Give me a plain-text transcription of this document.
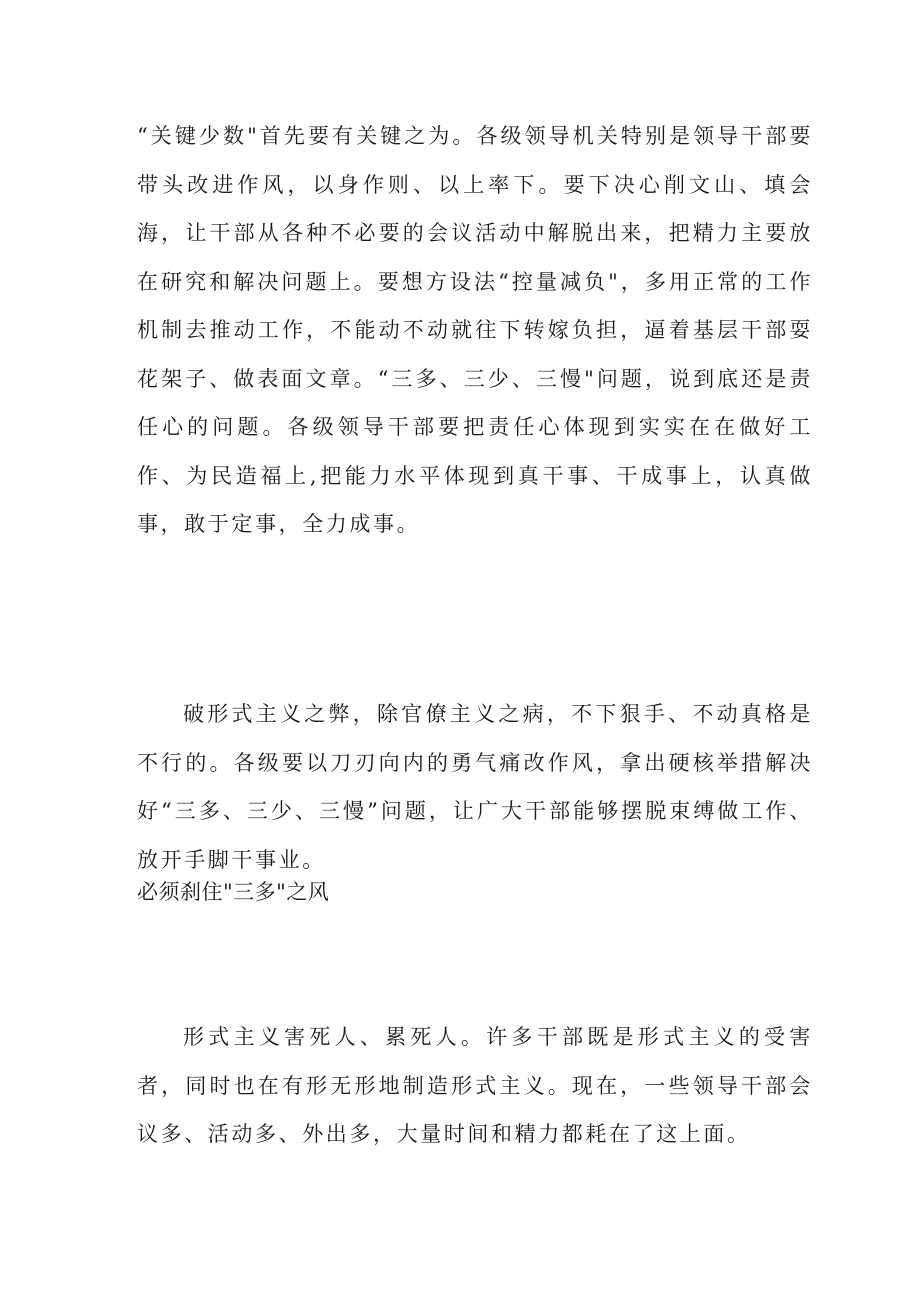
“关键少数"首先要有关键之为。各级领导机关特别是领导干部要带头改进作风，以身作则、以上率下。要下决心削文山、填会海，让干部从各种不必要的会议活动中解脱出来，把精力主要放在研究和解决问题上。要想方设法“控量减负"，多用正常的工作机制去推动工作，不能动不动就往下转嫁负担，逼着基层干部耍花架子、做表面文章。“三多、三少、三慢"问题，说到底还是责任心的问题。各级领导干部要把责任心体现到实实在在做好工作、为民造福上,把能力水平体现到真干事、干成事上，认真做事，敢于定事，全力成事。

破形式主义之弊，除官僚主义之病，不下狠手、不动真格是不行的。各级要以刀刃向内的勇气痛改作风，拿出硬核举措解决好“三多、三少、三慢”问题，让广大干部能够摆脱束缚做工作、放开手脚干事业。

必须刹住"三多"之风

形式主义害死人、累死人。许多干部既是形式主义的受害者，同时也在有形无形地制造形式主义。现在，一些领导干部会议多、活动多、外出多，大量时间和精力都耗在了这上面。
